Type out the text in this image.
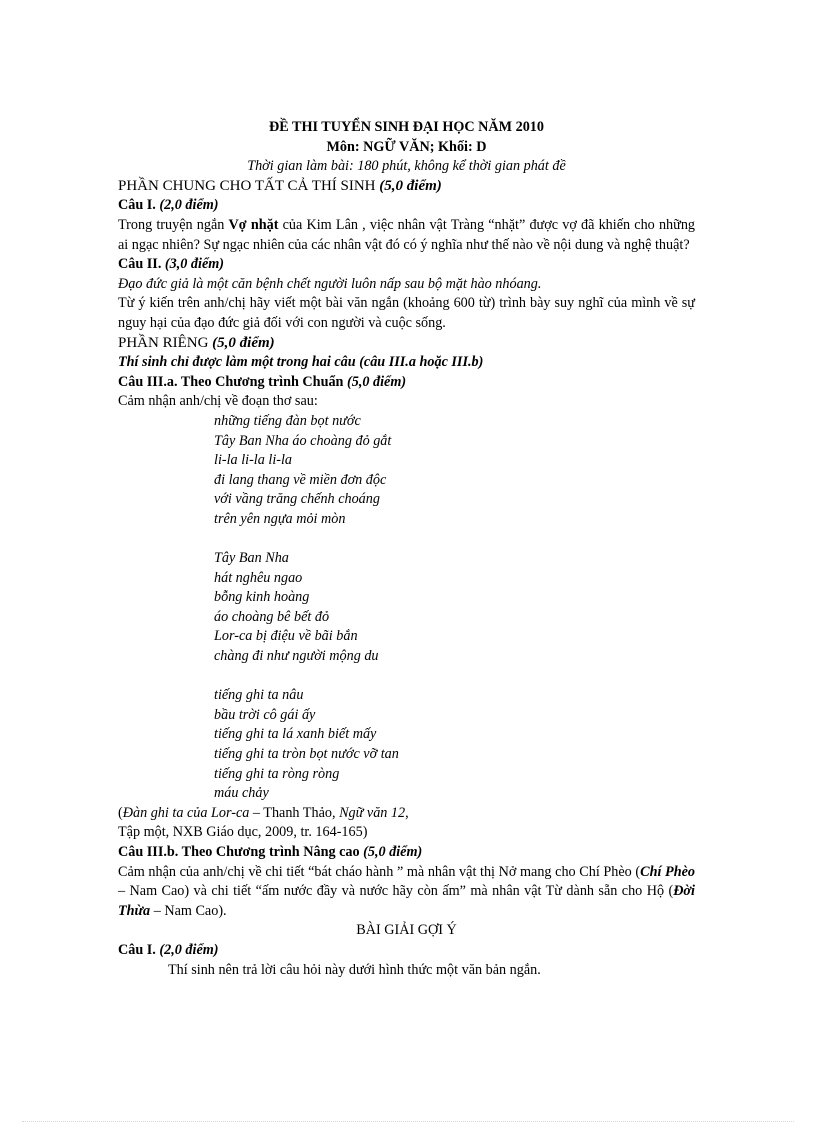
ĐỀ THI TUYỂN SINH ĐẠI HỌC NĂM 2010
Môn: NGỮ VĂN; Khối: D
Thời gian làm bài: 180 phút, không kể thời gian phát đề
PHẦN CHUNG CHO TẤT CẢ THÍ SINH (5,0 điểm)
Câu I. (2,0 điểm)

Trong truyện ngắn Vợ nhặt của Kim Lân , việc nhân vật Tràng “nhặt” được vợ đã khiến cho những ai ngạc nhiên? Sự ngạc nhiên của các nhân vật đó có ý nghĩa như thế nào về nội dung và nghệ thuật?

Câu II. (3,0 điểm)
Đạo đức giả là một căn bệnh chết người luôn nấp sau bộ mặt hào nhóang.

Từ ý kiến trên anh/chị hãy viết một bài văn ngắn (khoảng 600 từ) trình bày suy nghĩ của mình về sự nguy hại của đạo đức giả đối với con người và cuộc sống.

PHẦN RIÊNG (5,0 điểm)
Thí sinh chỉ được làm một trong hai câu (câu III.a hoặc III.b)
Câu III.a. Theo Chương trình Chuẩn (5,0 điểm)
Cảm nhận anh/chị về đoạn thơ sau:
những tiếng đàn bọt nước
Tây Ban Nha áo choàng đỏ gắt
li-la li-la li-la
đi lang thang về miền đơn độc
với vầng trăng chếnh choáng
trên yên ngựa mỏi mòn
Tây Ban Nha
hát nghêu ngao
bỗng kinh hoàng
áo choàng bê bết đỏ
Lor-ca bị điệu về bãi bắn
chàng đi như người mộng du
tiếng ghi ta nâu
bầu trời cô gái ấy
tiếng ghi ta lá xanh biết mấy
tiếng ghi ta tròn bọt nước vỡ tan
tiếng ghi ta ròng ròng
máu chảy
(Đàn ghi ta của Lor-ca – Thanh Thảo, Ngữ văn 12,
Tập một, NXB Giáo dục, 2009, tr. 164-165)
Câu III.b. Theo Chương trình Nâng cao (5,0 điểm)

Cảm nhận của anh/chị về chi tiết “bát cháo hành ” mà nhân vật thị Nở mang cho Chí Phèo (Chí Phèo – Nam Cao) và chi tiết “ấm nước đầy và nước hãy còn ấm” mà nhân vật Từ dành sẵn cho Hộ (Đời Thừa – Nam Cao).

BÀI GIẢI GỢI Ý
Câu I. (2,0 điểm)
Thí sinh nên trả lời câu hỏi này dưới hình thức một văn bản ngắn.
